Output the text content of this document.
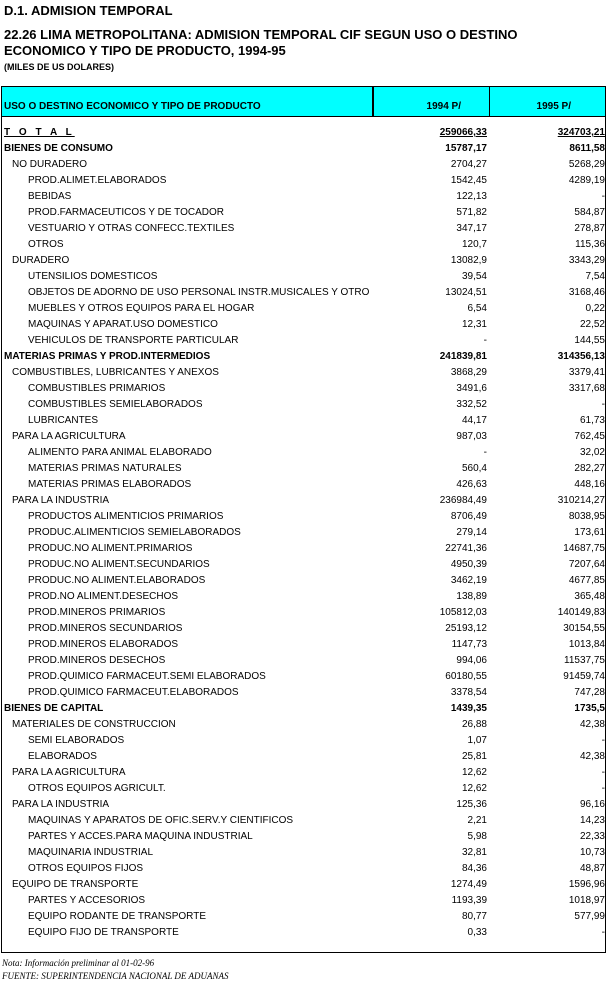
D.1. ADMISION TEMPORAL
22.26 LIMA METROPOLITANA: ADMISION TEMPORAL CIF SEGUN USO O DESTINO
ECONOMICO Y TIPO DE PRODUCTO, 1994-95
(MILES DE US DOLARES)
USO O DESTINO ECONOMICO Y TIPO DE PRODUCTO	1994 P/	1995 P/
T O T A L	259066,33	324703,21
BIENES DE CONSUMO	15787,17	8611,58
NO DURADERO	2704,27	5268,29
PROD.ALIMET.ELABORADOS	1542,45	4289,19
BEBIDAS	122,13	-
PROD.FARMACEUTICOS Y DE TOCADOR	571,82	584,87
VESTUARIO Y OTRAS CONFECC.TEXTILES	347,17	278,87
OTROS	120,7	115,36
DURADERO	13082,9	3343,29
UTENSILIOS DOMESTICOS	39,54	7,54
OBJETOS DE ADORNO DE USO PERSONAL INSTR.MUSICALES Y OTRO	13024,51	3168,46
MUEBLES Y OTROS EQUIPOS PARA EL HOGAR	6,54	0,22
MAQUINAS Y APARAT.USO DOMESTICO	12,31	22,52
VEHICULOS DE TRANSPORTE PARTICULAR	-	144,55
MATERIAS PRIMAS Y PROD.INTERMEDIOS	241839,81	314356,13
COMBUSTIBLES, LUBRICANTES Y ANEXOS	3868,29	3379,41
COMBUSTIBLES PRIMARIOS	3491,6	3317,68
COMBUSTIBLES SEMIELABORADOS	332,52	-
LUBRICANTES	44,17	61,73
PARA LA AGRICULTURA	987,03	762,45
ALIMENTO PARA ANIMAL ELABORADO	-	32,02
MATERIAS PRIMAS NATURALES	560,4	282,27
MATERIAS PRIMAS ELABORADOS	426,63	448,16
PARA LA INDUSTRIA	236984,49	310214,27
PRODUCTOS ALIMENTICIOS PRIMARIOS	8706,49	8038,95
PRODUC.ALIMENTICIOS SEMIELABORADOS	279,14	173,61
PRODUC.NO ALIMENT.PRIMARIOS	22741,36	14687,75
PRODUC.NO ALIMENT.SECUNDARIOS	4950,39	7207,64
PRODUC.NO ALIMENT.ELABORADOS	3462,19	4677,85
PROD.NO ALIMENT.DESECHOS	138,89	365,48
PROD.MINEROS PRIMARIOS	105812,03	140149,83
PROD.MINEROS SECUNDARIOS	25193,12	30154,55
PROD.MINEROS ELABORADOS	1147,73	1013,84
PROD.MINEROS DESECHOS	994,06	11537,75
PROD.QUIMICO FARMACEUT.SEMI ELABORADOS	60180,55	91459,74
PROD.QUIMICO FARMACEUT.ELABORADOS	3378,54	747,28
BIENES DE CAPITAL	1439,35	1735,5
MATERIALES DE CONSTRUCCION	26,88	42,38
SEMI ELABORADOS	1,07	-
ELABORADOS	25,81	42,38
PARA LA AGRICULTURA	12,62	-
OTROS EQUIPOS AGRICULT.	12,62	-
PARA LA INDUSTRIA	125,36	96,16
MAQUINAS Y APARATOS DE OFIC.SERV.Y CIENTIFICOS	2,21	14,23
PARTES Y ACCES.PARA MAQUINA INDUSTRIAL	5,98	22,33
MAQUINARIA INDUSTRIAL	32,81	10,73
OTROS EQUIPOS FIJOS	84,36	48,87
EQUIPO DE TRANSPORTE	1274,49	1596,96
PARTES Y ACCESORIOS	1193,39	1018,97
EQUIPO RODANTE DE TRANSPORTE	80,77	577,99
EQUIPO FIJO DE TRANSPORTE	0,33	-
Nota: Información preliminar al 01-02-96
FUENTE: SUPERINTENDENCIA NACIONAL DE ADUANAS
